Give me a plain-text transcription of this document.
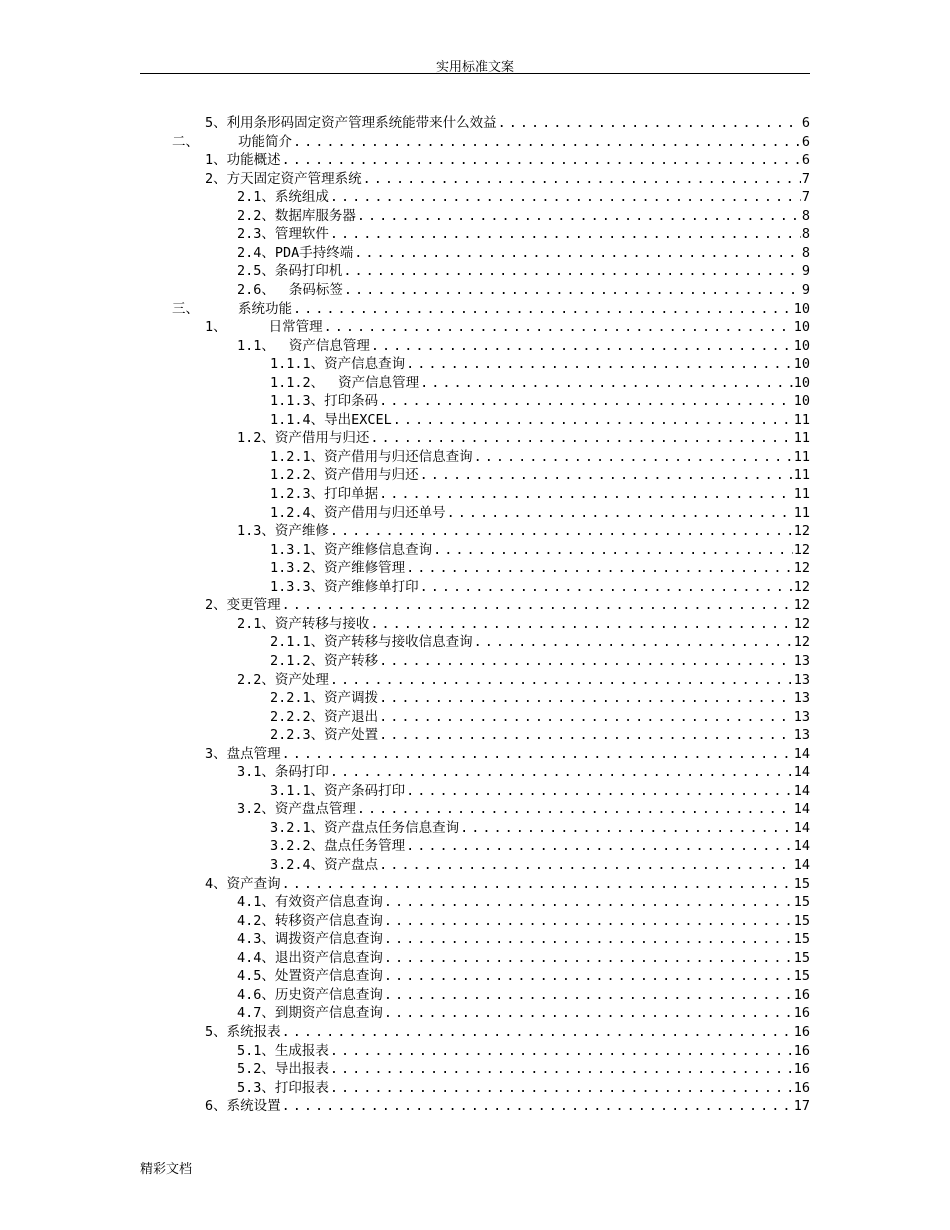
实用标准文案
5、 利用条形码固定资产管理系统能带来什么效益 .....	6
二、	功能简介 .....	6
1、 功能概述 .....	6
2、 方天固定资产管理系统 .....	7
2.1、 系统组成 .....	7
2.2、 数据库服务器 .....	8
2.3、 管理软件 .....	8
2.4、 PDA手持终端 .....	8
2.5、 条码打印机 .....	9
2.6、	条码标签 .....	9
三、	系统功能 .....	10
1、	日常管理 .....	10
1.1、	资产信息管理 .....	10
1.1.1、 资产信息查询 .....	10
1.1.2、	资产信息管理 .....	10
1.1.3、 打印条码 .....	10
1.1.4、 导出EXCEL .....	11
1.2、 资产借用与归还 .....	11
1.2.1、 资产借用与归还信息查询 .....	11
1.2.2、 资产借用与归还 .....	11
1.2.3、 打印单据 .....	11
1.2.4、 资产借用与归还单号 .....	11
1.3、 资产维修 .....	12
1.3.1、 资产维修信息查询 .....	12
1.3.2、 资产维修管理 .....	12
1.3.3、 资产维修单打印 .....	12
2、 变更管理 .....	12
2.1、 资产转移与接收 .....	12
2.1.1、 资产转移与接收信息查询 .....	12
2.1.2、 资产转移 .....	13
2.2、 资产处理 .....	13
2.2.1、 资产调拨 .....	13
2.2.2、 资产退出 .....	13
2.2.3、 资产处置 .....	13
3、 盘点管理 .....	14
3.1、 条码打印 .....	14
3.1.1、 资产条码打印 .....	14
3.2、 资产盘点管理 .....	14
3.2.1、 资产盘点任务信息查询 .....	14
3.2.2、 盘点任务管理 .....	14
3.2.4、 资产盘点 .....	14
4、 资产查询 .....	15
4.1、 有效资产信息查询 .....	15
4.2、 转移资产信息查询 .....	15
4.3、 调拨资产信息查询 .....	15
4.4、 退出资产信息查询 .....	15
4.5、 处置资产信息查询 .....	15
4.6、 历史资产信息查询 .....	16
4.7、 到期资产信息查询 .....	16
5、 系统报表 .....	16
5.1、 生成报表 .....	16
5.2、 导出报表 .....	16
5.3、 打印报表 .....	16
6、 系统设置 .....	17
精彩文档
